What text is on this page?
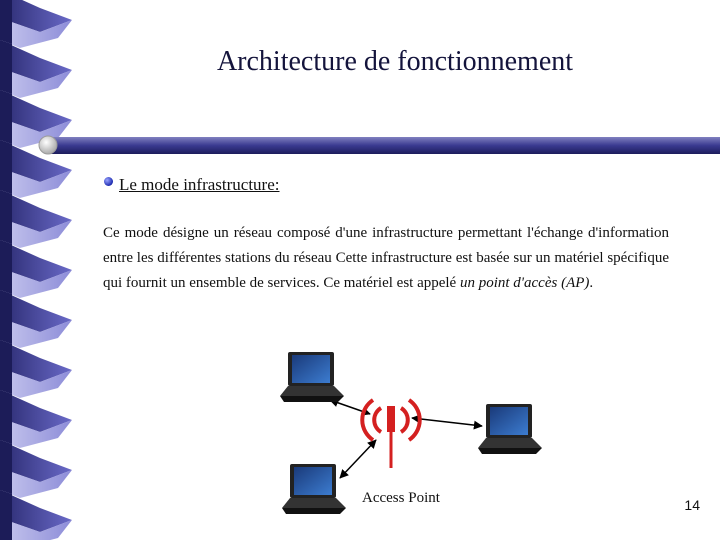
Architecture de fonctionnement
Le mode infrastructure:
Ce mode désigne un réseau composé d'une infrastructure permettant l'échange d'information entre les différentes stations du réseau Cette infrastructure est basée sur un matériel spécifique qui fournit un ensemble de services. Ce matériel est appelé un point d'accès (AP).
Access Point	14
